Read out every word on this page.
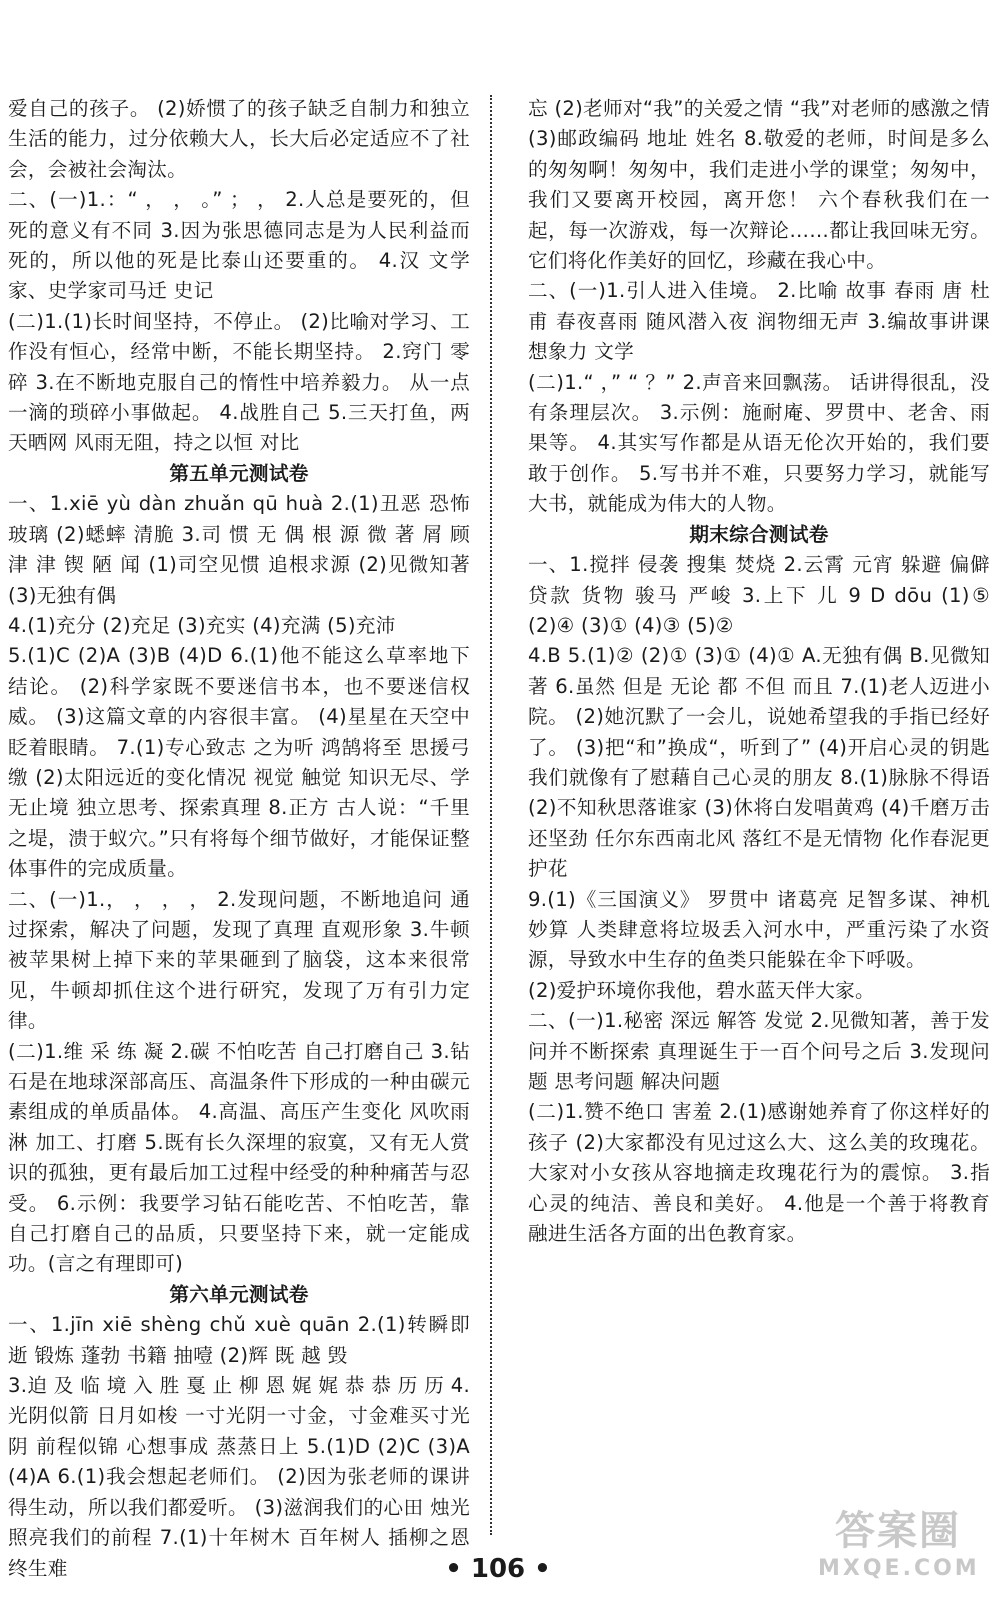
爱自己的孩子。 (2)娇惯了的孩子缺乏自制力和独立生活的能力，过分依赖大人，长大后必定适应不了社会，会被社会淘汰。

二、(一)1.：“ ， ， 。” ； ， 2.人总是要死的，但死的意义有不同 3.因为张思德同志是为人民利益而死的，所以他的死是比泰山还要重的。 4.汉 文学家、史学家司马迁 史记

(二)1.(1)长时间坚持，不停止。 (2)比喻对学习、工作没有恒心，经常中断，不能长期坚持。 2.窍门 零碎 3.在不断地克服自己的惰性中培养毅力。 从一点一滴的琐碎小事做起。 4.战胜自己 5.三天打鱼，两天晒网 风雨无阻，持之以恒 对比

第五单元测试卷

一、1.xiē yù dàn zhuǎn qū huà 2.(1)丑恶 恐怖 玻璃 (2)蟋蟀 清脆 3.司 惯 无 偶 根 源 微 著 屑 顾 津 津 锲 陋 闻 (1)司空见惯 追根求源 (2)见微知著 (3)无独有偶

4.(1)充分 (2)充足 (3)充实 (4)充满 (5)充沛

5.(1)C (2)A (3)B (4)D 6.(1)他不能这么草率地下结论。 (2)科学家既不要迷信书本，也不要迷信权威。 (3)这篇文章的内容很丰富。 (4)星星在天空中眨着眼睛。 7.(1)专心致志 之为听 鸿鹄将至 思援弓缴 (2)太阳远近的变化情况 视觉 触觉 知识无尽、学无止境 独立思考、探索真理 8.正方 古人说：“千里之堤，溃于蚁穴。”只有将每个细节做好，才能保证整体事件的完成质量。

二、(一)1.， ， ， ， 2.发现问题，不断地追问 通过探索，解决了问题，发现了真理 直观形象 3.牛顿被苹果树上掉下来的苹果砸到了脑袋，这本来很常见，牛顿却抓住这个进行研究，发现了万有引力定律。

(二)1.维 采 练 凝 2.碳 不怕吃苦 自己打磨自己 3.钻石是在地球深部高压、高温条件下形成的一种由碳元素组成的单质晶体。 4.高温、高压产生变化 风吹雨淋 加工、打磨 5.既有长久深埋的寂寞，又有无人赏识的孤独，更有最后加工过程中经受的种种痛苦与忍受。 6.示例：我要学习钻石能吃苦、不怕吃苦，靠自己打磨自己的品质，只要坚持下来，就一定能成功。(言之有理即可)

第六单元测试卷

一、1.jīn xiē shèng chǔ xuè quān 2.(1)转瞬即逝 锻炼 蓬勃 书籍 抽噎 (2)辉 既 越 毁

3.迫 及 临 境 入 胜 戛 止 柳 恩 娓 娓 恭 恭 历 历 4.光阴似箭 日月如梭 一寸光阴一寸金，寸金难买寸光阴 前程似锦 心想事成 蒸蒸日上 5.(1)D (2)C (3)A (4)A 6.(1)我会想起老师们。 (2)因为张老师的课讲得生动，所以我们都爱听。 (3)滋润我们的心田 烛光 照亮我们的前程 7.(1)十年树木 百年树人 插柳之恩 终生难

忘 (2)老师对“我”的关爱之情 “我”对老师的感激之情 (3)邮政编码 地址 姓名 8.敬爱的老师，时间是多么的匆匆啊！匆匆中，我们走进小学的课堂；匆匆中，我们又要离开校园，离开您！ 六个春秋我们在一起，每一次游戏，每一次辩论……都让我回味无穷。它们将化作美好的回忆，珍藏在我心中。

二、(一)1.引人进入佳境。 2.比喻 故事 春雨 唐 杜甫 春夜喜雨 随风潜入夜 润物细无声 3.编故事讲课 想象力 文学

(二)1.“ ，” “ ？” 2.声音来回飘荡。 话讲得很乱，没有条理层次。 3.示例：施耐庵、罗贯中、老舍、雨果等。 4.其实写作都是从语无伦次开始的，我们要敢于创作。 5.写书并不难，只要努力学习，就能写大书，就能成为伟大的人物。

期末综合测试卷

一、1.搅拌 侵袭 搜集 焚烧 2.云霄 元宵 躲避 偏僻 贷款 货物 骏马 严峻 3.上下 儿 9 D dōu (1)⑤ (2)④ (3)① (4)③ (5)②

4.B 5.(1)② (2)① (3)① (4)① A.无独有偶 B.见微知著 6.虽然 但是 无论 都 不但 而且 7.(1)老人迈进小院。 (2)她沉默了一会儿，说她希望我的手指已经好了。 (3)把“和”换成“，听到了” (4)开启心灵的钥匙 我们就像有了慰藉自己心灵的朋友 8.(1)脉脉不得语 (2)不知秋思落谁家 (3)休将白发唱黄鸡 (4)千磨万击还坚劲 任尔东西南北风 落红不是无情物 化作春泥更护花

9.(1)《三国演义》 罗贯中 诸葛亮 足智多谋、神机妙算 人类肆意将垃圾丢入河水中，严重污染了水资源，导致水中生存的鱼类只能躲在伞下呼吸。

(2)爱护环境你我他，碧水蓝天伴大家。

二、(一)1.秘密 深远 解答 发觉 2.见微知著，善于发问并不断探索 真理诞生于一百个问号之后 3.发现问题 思考问题 解决问题

(二)1.赞不绝口 害羞 2.(1)感谢她养育了你这样好的孩子 (2)大家都没有见过这么大、这么美的玫瑰花。大家对小女孩从容地摘走玫瑰花行为的震惊。 3.指心灵的纯洁、善良和美好。 4.他是一个善于将教育融进生活各方面的出色教育家。

• 106 •
答案圈
MXQE.COM
